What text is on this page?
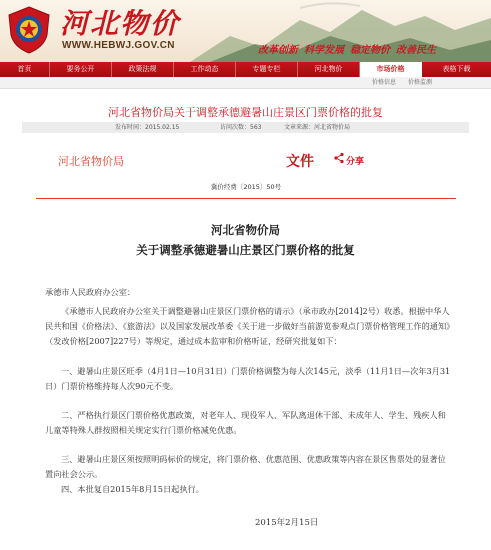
河北物价
WWW.HEBWJ.GOV.CN	改革创新 科学发展 稳定物价 改善民生
首页	要务公开	政策法规	工作动态	专题专栏	河北物价	市场价格	表格下载
价格信息 价格监测
河北省物价局关于调整承德避暑山庄景区门票价格的批复
发布时间：2015.02.15	访问次数：563	文章来源：河北省物价局
河北省物价局	文件	分享
冀价经费〔2015〕50号
河北省物价局
关于调整承德避暑山庄景区门票价格的批复
承德市人民政府办公室：
《承德市人民政府办公室关于调整避暑山庄景区门票价格的请示》（承市政办[2014]2号）收悉。根据中华人民共和国《价格法》、《旅游法》以及国家发展改革委《关于进一步做好当前游览参观点门票价格管理工作的通知》（发改价格[2007]227号）等规定，通过成本监审和价格听证，经研究批复如下：
一、避暑山庄景区旺季（4月1日—10月31日）门票价格调整为每人次145元，淡季（11月1日—次年3月31日）门票价格维持每人次90元不变。
二、严格执行景区门票价格优惠政策，对老年人、现役军人、军队离退休干部、未成年人、学生、残疾人和儿童等特殊人群按照相关规定实行门票价格减免优惠。
三、避暑山庄景区须按照明码标价的规定，将门票价格、优惠范围、优惠政策等内容在景区售票处的显著位置向社会公示。
四、本批复自2015年8月15日起执行。
2015年2月15日
